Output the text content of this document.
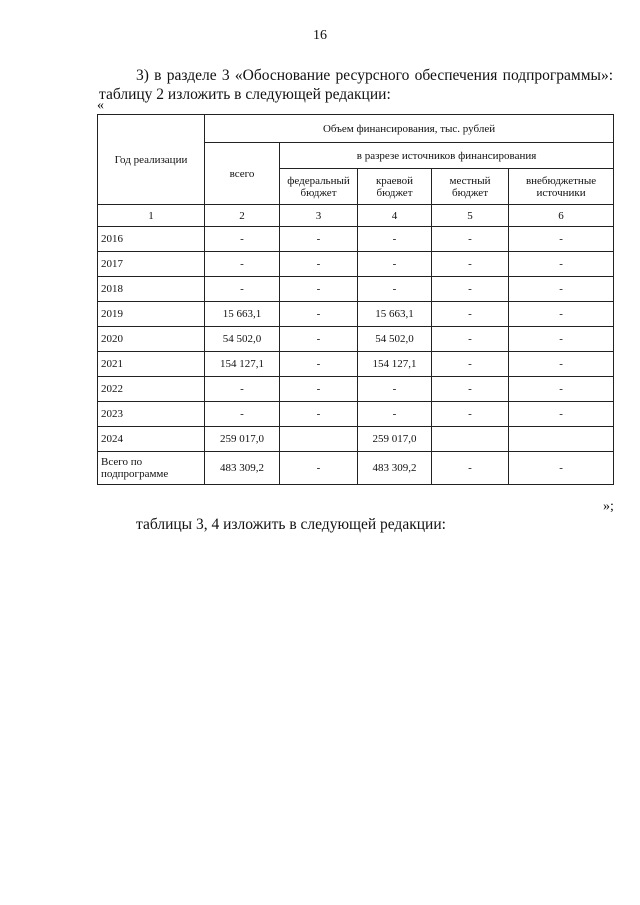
16
3) в разделе 3 «Обоснование ресурсного обеспечения подпрограммы»:
таблицу 2 изложить в следующей редакции:
«
Год реализации	Объем финансирования, тыс. рублей				
	всего	в разрезе источников финансирования			
		федеральный бюджет	краевой бюджет	местный бюджет	внебюджетные источники
1	2	3	4	5	6
2016	-	-	-	-	-
2017	-	-	-	-	-
2018	-	-	-	-	-
2019	15 663,1	-	15 663,1	-	-
2020	54 502,0	-	54 502,0	-	-
2021	154 127,1	-	154 127,1	-	-
2022	-	-	-	-	-
2023	-	-	-	-	-
2024	259 017,0		259 017,0		
Всего по подпрограмме	483 309,2	-	483 309,2	-	-
»;
таблицы 3, 4 изложить в следующей редакции:
